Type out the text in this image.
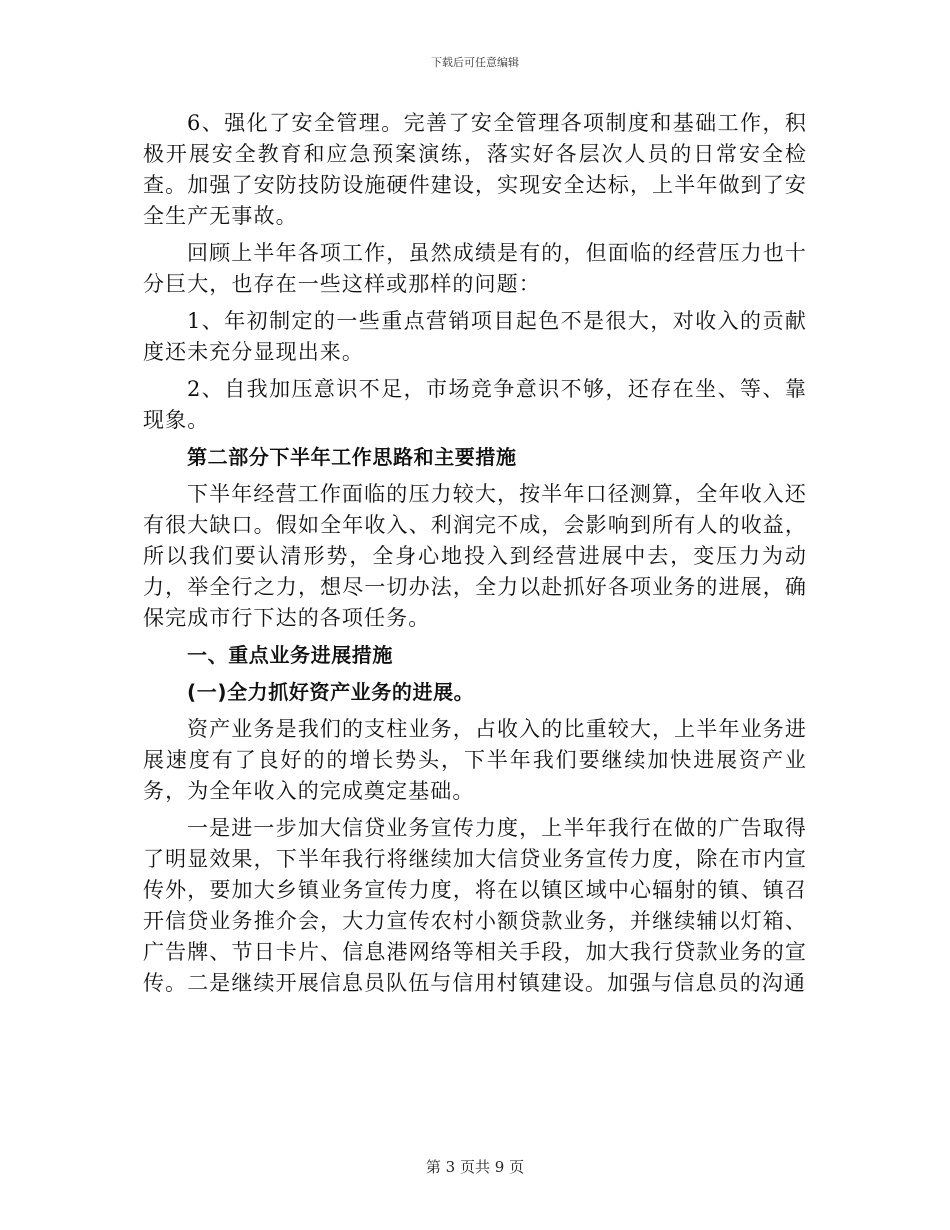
下载后可任意编辑

6、强化了安全管理。完善了安全管理各项制度和基础工作，积极开展安全教育和应急预案演练，落实好各层次人员的日常安全检查。加强了安防技防设施硬件建设，实现安全达标，上半年做到了安全生产无事故。

回顾上半年各项工作，虽然成绩是有的，但面临的经营压力也十分巨大，也存在一些这样或那样的问题：

1、年初制定的一些重点营销项目起色不是很大，对收入的贡献度还未充分显现出来。

2、自我加压意识不足，市场竞争意识不够，还存在坐、等、靠现象。

第二部分下半年工作思路和主要措施

下半年经营工作面临的压力较大，按半年口径测算，全年收入还有很大缺口。假如全年收入、利润完不成，会影响到所有人的收益，所以我们要认清形势，全身心地投入到经营进展中去，变压力为动力，举全行之力，想尽一切办法，全力以赴抓好各项业务的进展，确保完成市行下达的各项任务。

一、重点业务进展措施

(一)全力抓好资产业务的进展。

资产业务是我们的支柱业务，占收入的比重较大，上半年业务进展速度有了良好的的增长势头，下半年我们要继续加快进展资产业务，为全年收入的完成奠定基础。

一是进一步加大信贷业务宣传力度，上半年我行在做的广告取得了明显效果，下半年我行将继续加大信贷业务宣传力度，除在市内宣传外，要加大乡镇业务宣传力度，将在以镇区域中心辐射的镇、镇召开信贷业务推介会，大力宣传农村小额贷款业务，并继续辅以灯箱、广告牌、节日卡片、信息港网络等相关手段，加大我行贷款业务的宣传。二是继续开展信息员队伍与信用村镇建设。加强与信息员的沟通

第 3 页共 9 页
